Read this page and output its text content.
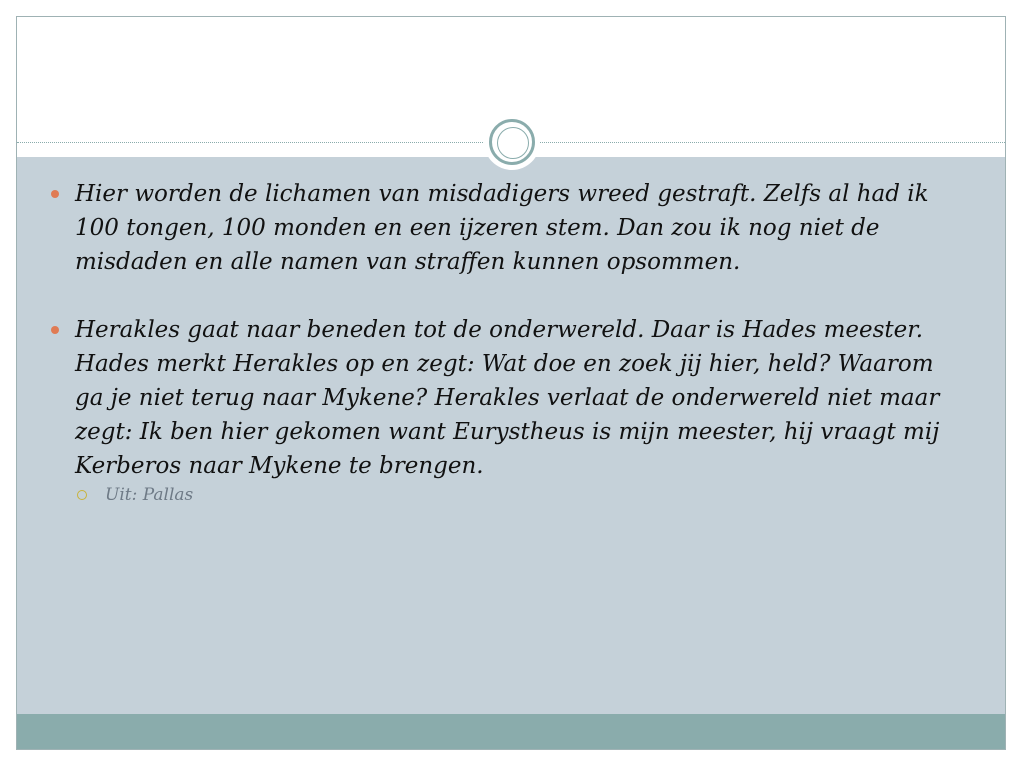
Hier worden de lichamen van misdadigers wreed gestraft. Zelfs al had ik 100 tongen, 100 monden en een ijzeren stem. Dan zou ik nog niet de misdaden en alle namen van straffen kunnen opsommen.
Herakles gaat naar beneden tot de onderwereld. Daar is Hades meester. Hades merkt Herakles op en zegt: Wat doe en zoek jij hier, held? Waarom ga je niet terug naar Mykene? Herakles verlaat de onderwereld niet maar zegt: Ik ben hier gekomen want Eurystheus is mijn meester, hij vraagt mij Kerberos naar Mykene te brengen.
Uit: Pallas
